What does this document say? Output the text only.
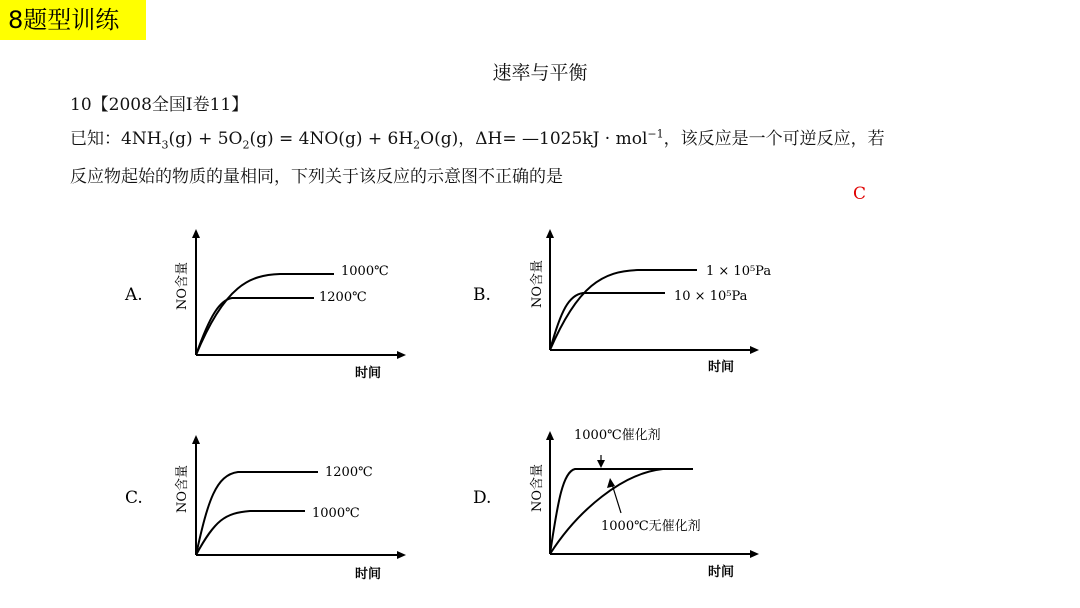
8题型训练
速率与平衡
10【2008全国I卷11】
已知：$4NH_3(g) + 5O_2(g) = 4NO(g) + 6H_2O(g)$，ΔH= —1025kJ · mol$^{-1}$，该反应是一个可逆反应，若
反应物起始的物质的量相同，下列关于该反应的示意图不正确的是
C
A. NO含量	1000℃
1200℃
时间
B.	NO含量	1 × 10⁵Pa
10 × 10⁵Pa
时间
C. NO含量	1200℃
1000℃
时间
D.	NO含量
1000℃催化剂
1000℃无催化剂
时间
